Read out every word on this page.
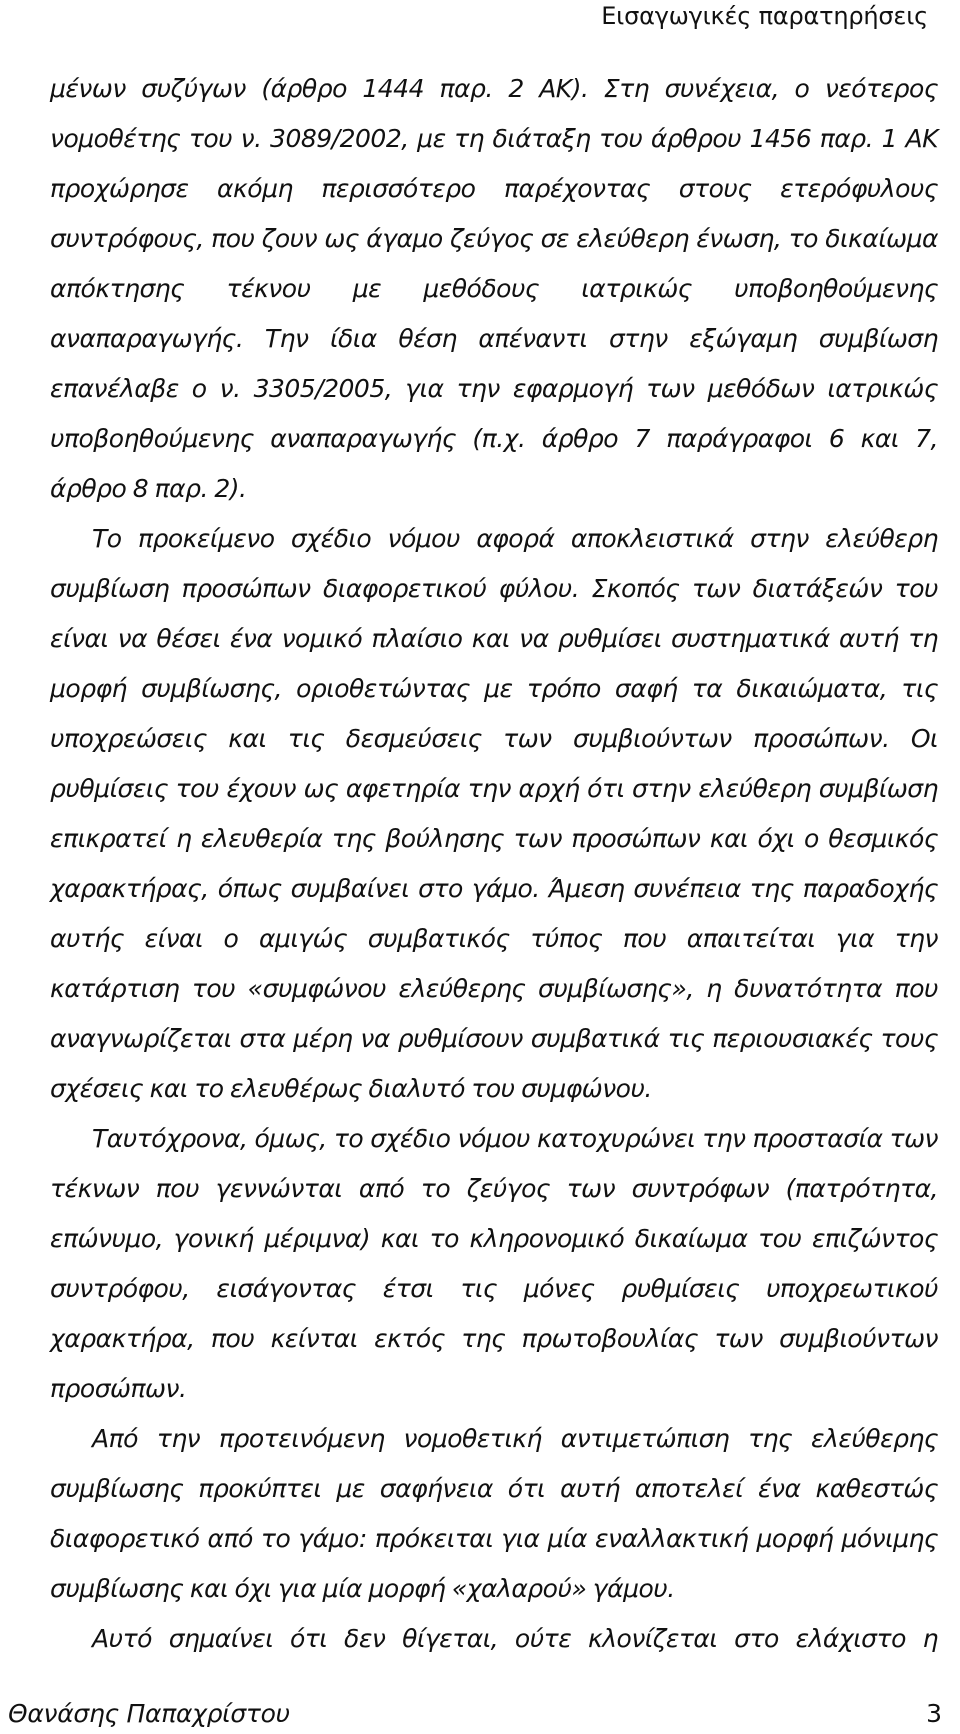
Εισαγωγικές παρατηρήσεις

μένων συζύγων (άρθρο 1444 παρ. 2 ΑΚ). Στη συνέχεια, ο νεότερος νομοθέτης του ν. 3089/2002, με τη διάταξη του άρθρου 1456 παρ. 1 ΑΚ προχώρησε ακόμη περισσότερο παρέχοντας στους ετερόφυλους συντρόφους, που ζουν ως άγαμο ζεύγος σε ελεύθερη ένωση, το δικαίωμα απόκτησης τέκνου με μεθόδους ιατρικώς υποβοηθούμενης αναπαραγωγής. Την ίδια θέση απέναντι στην εξώγαμη συμβίωση επανέλαβε ο ν. 3305/2005, για την εφαρμογή των μεθόδων ιατρικώς υποβοηθούμενης αναπαραγωγής (π.χ. άρθρο 7 παράγραφοι 6 και 7, άρθρο 8 παρ. 2).

Το προκείμενο σχέδιο νόμου αφορά αποκλειστικά στην ελεύθερη συμβίωση προσώπων διαφορετικού φύλου. Σκοπός των διατάξεών του είναι να θέσει ένα νομικό πλαίσιο και να ρυθμίσει συστηματικά αυτή τη μορφή συμβίωσης, οριοθετώντας με τρόπο σαφή τα δικαιώματα, τις υποχρεώσεις και τις δεσμεύσεις των συμβιούντων προσώπων. Οι ρυθμίσεις του έχουν ως αφετηρία την αρχή ότι στην ελεύθερη συμβίωση επικρατεί η ελευθερία της βούλησης των προσώπων και όχι ο θεσμικός χαρακτήρας, όπως συμβαίνει στο γάμο. Άμεση συνέπεια της παραδοχής αυτής είναι ο αμιγώς συμβατικός τύπος που απαιτείται για την κατάρτιση του «συμφώνου ελεύθερης συμβίωσης», η δυνατότητα που αναγνωρίζεται στα μέρη να ρυθμίσουν συμβατικά τις περιουσιακές τους σχέσεις και το ελευθέρως διαλυτό του συμφώνου.

Ταυτόχρονα, όμως, το σχέδιο νόμου κατοχυρώνει την προστασία των τέκνων που γεννώνται από το ζεύγος των συντρόφων (πατρότητα, επώνυμο, γονική μέριμνα) και το κληρονομικό δικαίωμα του επιζώντος συντρόφου, εισάγοντας έτσι τις μόνες ρυθμίσεις υποχρεωτικού χαρακτήρα, που κείνται εκτός της πρωτοβουλίας των συμβιούντων προσώπων.

Από την προτεινόμενη νομοθετική αντιμετώπιση της ελεύθερης συμβίωσης προκύπτει με σαφήνεια ότι αυτή αποτελεί ένα καθεστώς διαφορετικό από το γάμο: πρόκειται για μία εναλλακτική μορφή μόνιμης συμβίωσης και όχι για μία μορφή «χαλαρού» γάμου.

Αυτό σημαίνει ότι δεν θίγεται, ούτε κλονίζεται στο ελάχιστο η

Θανάσης Παπαχρίστου	3
